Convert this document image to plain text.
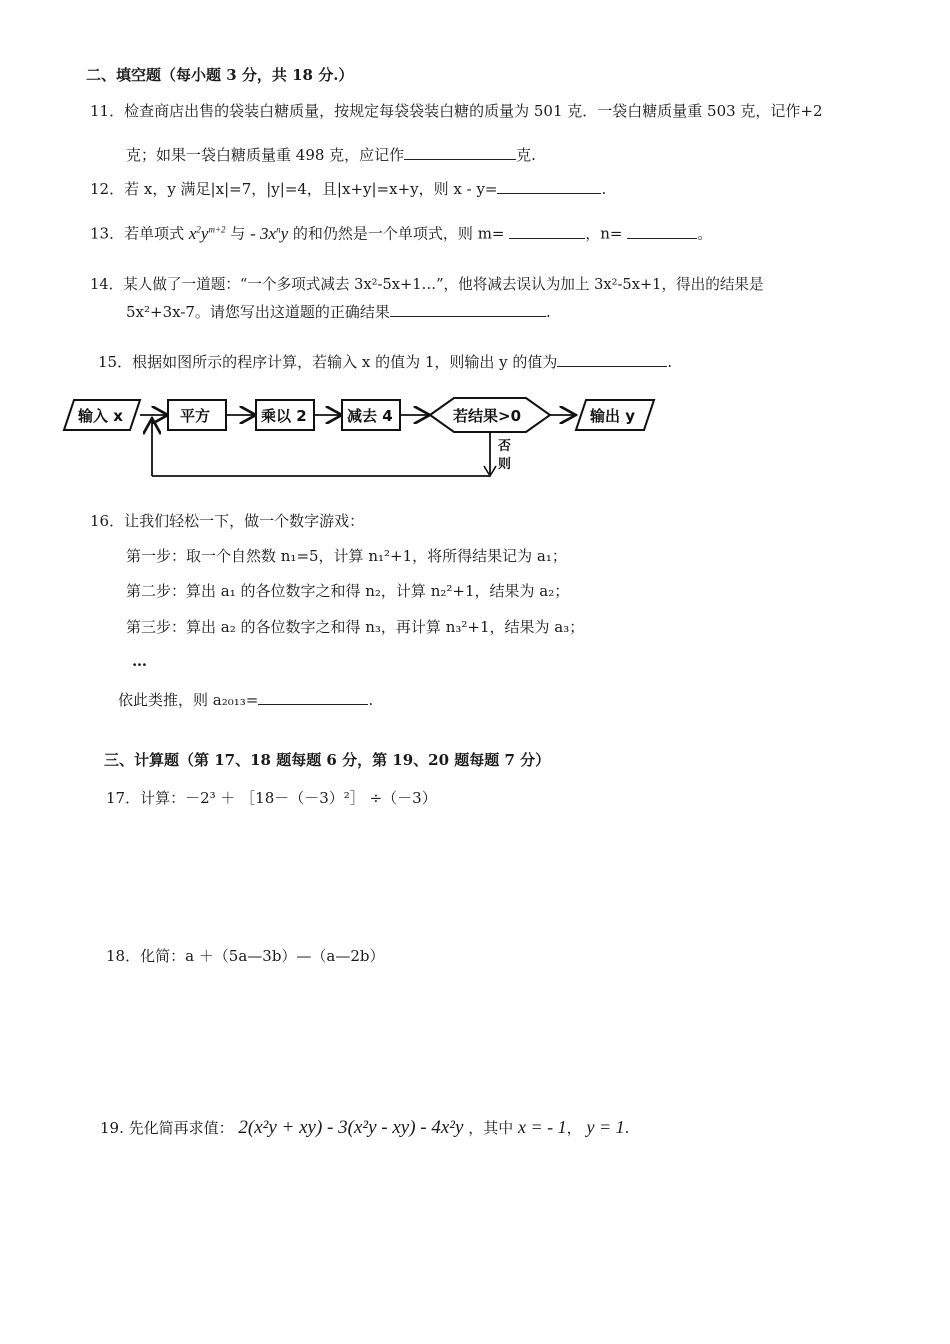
二、填空题（每小题 3 分，共 18 分.）
11．检查商店出售的袋装白糖质量，按规定每袋袋装白糖的质量为 501 克．一袋白糖质量重 503 克，记作+2
克；如果一袋白糖质量重 498 克，应记作	克.
12．若 x，y 满足|x|=7，|y|=4，且|x+y|=x+y，则 x - y=	.
13．若单项式 $x^2y^{m+2}$ 与 - $3x^ny$ 的和仍然是一个单项式，则 m=	，n=	。
14．某人做了一道题：“一个多项式减去 3x²-5x+1…”，他将减去误认为加上 3x²-5x+1，得出的结果是
5x²+3x-7。请您写出这道题的正确结果	.
15．根据如图所示的程序计算，若输入 x 的值为 1，则输出 y 的值为	.
输入 x	平方	乘以 2	减去 4	若结果>0	输出 y
否
则
16．让我们轻松一下，做一个数字游戏：
第一步：取一个自然数 n₁=5，计算 n₁²+1，将所得结果记为 a₁；
第二步：算出 a₁ 的各位数字之和得 n₂，计算 n₂²+1，结果为 a₂；
第三步：算出 a₂ 的各位数字之和得 n₃，再计算 n₃²+1，结果为 a₃；
…
依此类推，则 a₂₀₁₃=	.
三、计算题（第 17、18 题每题 6 分，第 19、20 题每题 7 分）
17．计算：－2³ ＋ ［18－（－3）²］ ÷（－3）
18．化简：a ＋（5a—3b）—（a—2b）
19. 先化简再求值： 2(x²y + xy) - 3(x²y - xy) - 4x²y ，其中 x = - 1， y = 1.
